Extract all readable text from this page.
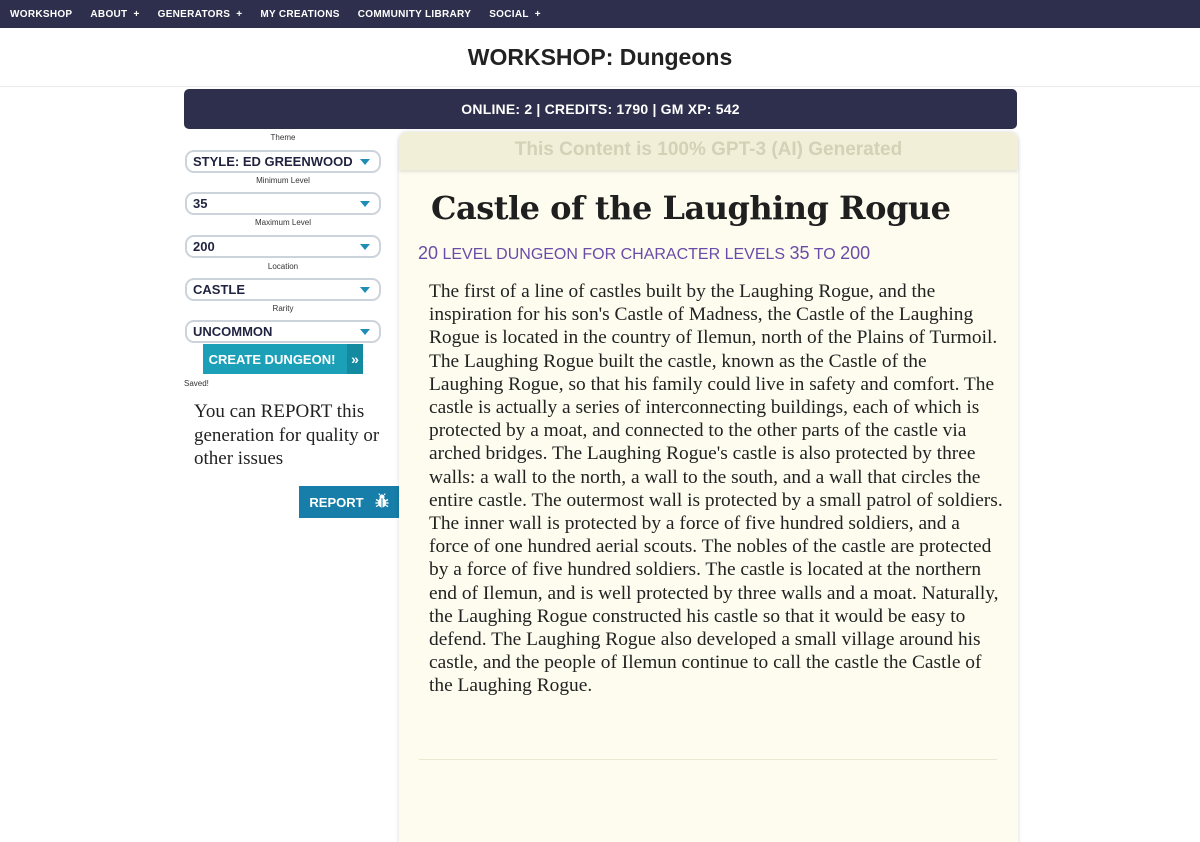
WORKSHOP ABOUT + GENERATORS + MY CREATIONS COMMUNITY LIBRARY SOCIAL +
WORKSHOP: Dungeons
ONLINE: 2 | CREDITS: 1790 | GM XP: 542
Theme
STYLE: ED GREENWOOD
Minimum Level
35
Maximum Level
200
Location
CASTLE
Rarity
UNCOMMON
CREATE DUNGEON!	»
Saved!

You can REPORT this generation for quality or other issues

REPORT
This Content is 100% GPT-3 (AI) Generated
Castle of the Laughing Rogue
20 LEVEL DUNGEON FOR CHARACTER LEVELS 35 TO 200

The first of a line of castles built by the Laughing Rogue, and the inspiration for his son's Castle of Madness, the Castle of the Laughing Rogue is located in the country of Ilemun, north of the Plains of Turmoil. The Laughing Rogue built the castle, known as the Castle of the Laughing Rogue, so that his family could live in safety and comfort. The castle is actually a series of interconnecting buildings, each of which is protected by a moat, and connected to the other parts of the castle via arched bridges. The Laughing Rogue's castle is also protected by three walls: a wall to the north, a wall to the south, and a wall that circles the entire castle. The outermost wall is protected by a small patrol of soldiers. The inner wall is protected by a force of five hundred soldiers, and a force of one hundred aerial scouts. The nobles of the castle are protected by a force of five hundred soldiers. The castle is located at the northern end of Ilemun, and is well protected by three walls and a moat. Naturally, the Laughing Rogue constructed his castle so that it would be easy to defend. The Laughing Rogue also developed a small village around his castle, and the people of Ilemun continue to call the castle the Castle of the Laughing Rogue.
